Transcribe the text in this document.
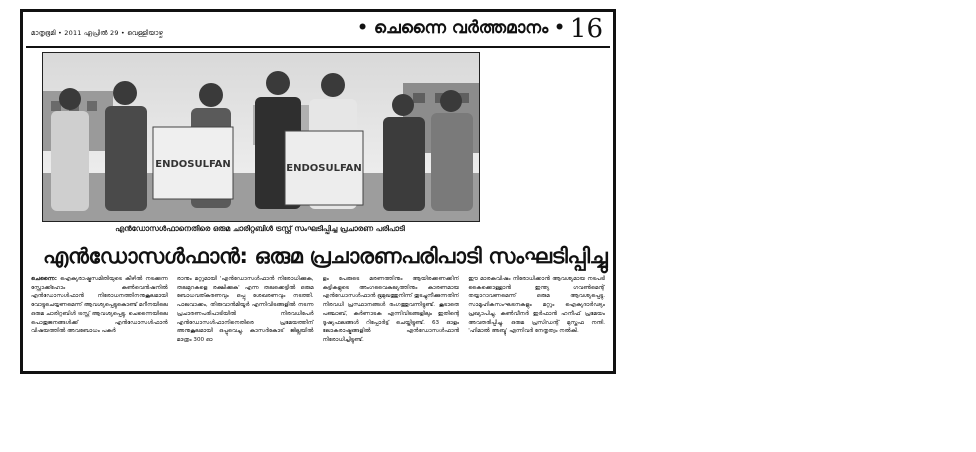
മാതൃഭൂമി • 2011 ഏപ്രിൽ 29 • വെള്ളിയാഴ്ച	• ചെന്നൈ വർത്തമാനം • 16
ENDOSULFAN	ENDOSULFAN
എൻഡോസൾഫാനെതിരെ ഒരുമ ചാരിറ്റബിൾ ട്രസ്റ്റ് സംഘടിപ്പിച്ച പ്രചാരണ പരിപാടി
എൻഡോസൾഫാൻ: ഒരുമ പ്രചാരണപരിപാടി സംഘടിപ്പിച്ചു
ചെന്നൈ: ഐക്യരാഷ്ട്രസമിതിയുടെ കീഴിൽ നടക്കുന്ന സ്റ്റോക്ക്ഹോം കൺവെൻഷനിൽ എൻഡോസൾഫാൻ നിരോധനത്തിനനുകൂലമായി വോട്ടുചെയ്യണമെന്ന് ആവശ്യപ്പെട്ടുകൊണ്ട് മറീനയിലെ ഒരുമ ചാരിറ്റബിൾ ട്രസ്റ്റ് ആവശ്യപ്പെട്ടു. ചെന്നൈയിലെ പൊതുജനങ്ങൾക്ക് എൻഡോസൾഫാൻ വിഷയത്തിൽ അവബോധം പകർ
രാനും മറ്റുമായി 'എൻഡോസൾഫാൻ നിരോധിക്കുക, തലമുറകളെ രക്ഷിക്കുക' എന്ന തലക്കെട്ടിൽ ഒരുമ ബോധവത്കരണവും ഒപ്പു ശേഖരണവും നടത്തി. പാലവാക്കം, തിരുവാൻമിയൂർ എന്നിവിടങ്ങളിൽ നടന്ന പ്രചാരണപരിപാടിയിൽ നിരവധിപേർ എൻഡോസൾഫാനിനെതിരെ പ്രമേയത്തിന് അനുകൂലമായി ഒപ്പുവെച്ചു. കാസർകോട് ജില്ലയിൽ മാത്രം 300 ഓ
ളം പേരുടെ മരണത്തിനും ആയിരക്കണക്കിന് കുട്ടികളുടെ അംഗവൈകല്യത്തിനും കാരണമായ എൻഡോസൾഫാൻ ഭൂമുഖത്തുനിന്ന് തുടച്ചുനീക്കുന്നതിന് നിരവധി പ്രസ്ഥാനങ്ങൾ രംഗത്തുവന്നിട്ടുണ്ട്. കൂടാതെ പഞ്ചാബ്, കർണാടക എന്നിവിടങ്ങളിലും ഇതിന്റെ ദൂഷ്യഫലങ്ങൾ റിപ്പോർട്ട് ചെയ്തിട്ടുണ്ട്. 63 ഓളം ലോകരാഷ്ട്രങ്ങളിൽ എൻഡോസൾഫാൻ നിരോധിച്ചിട്ടുണ്ട്.
ഈ മാരകവിഷം നിരോധിക്കാൻ ആവശ്യമായ നടപടി കൈക്കൊള്ളാൻ ഇന്ത്യ ഗവൺമെന്റ് തയ്യാറാവണമെന്ന് ഒരുമ ആവശ്യപ്പെട്ടു. സാമൂഹികസംഘടനകളും മറ്റും ഐക്യദാർഢ്യം പ്രഖ്യാപിച്ചു. കൺവീനർ ഇർഫാൻ ഹനീഫ് പ്രമേയം അവതരിപ്പിച്ചു. ഒരുമ പ്രസിഡന്റ് മുസ്തഫ നന്ദി. 'ഹിമാൽ അബ്ദു' എന്നിവർ നേതൃത്വം നൽകി.
